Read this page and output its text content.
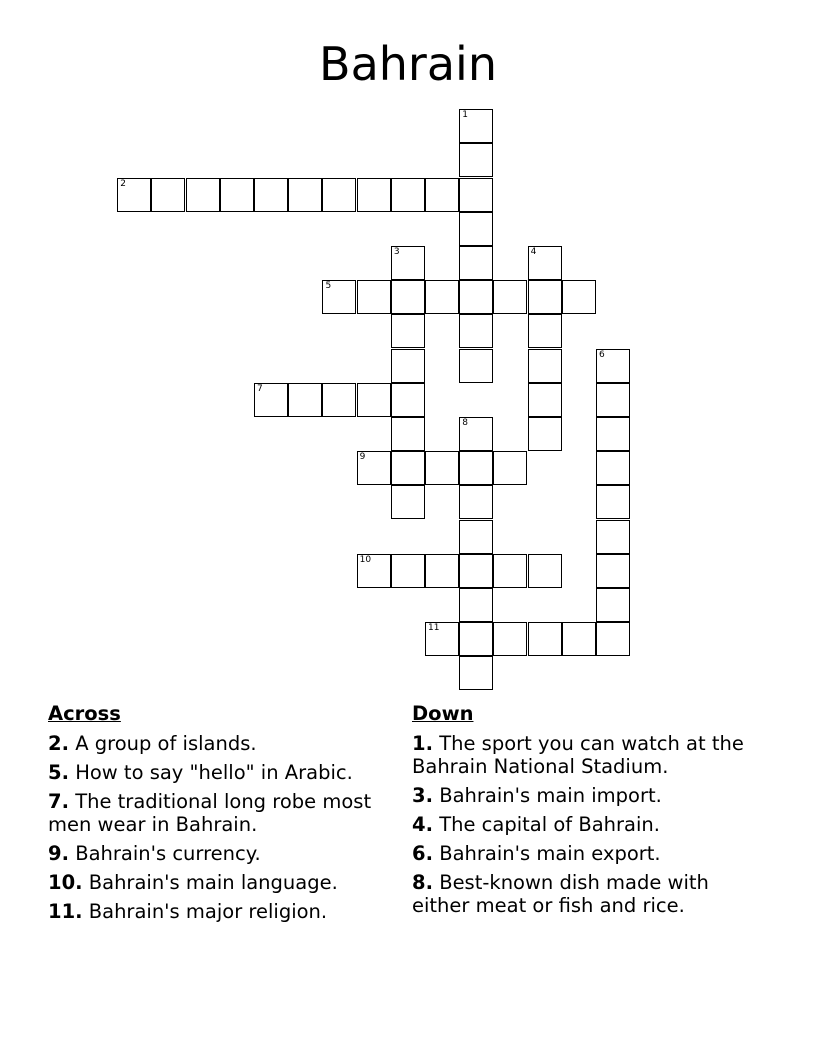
Bahrain
1
2
3	4
5
6
7
8
9
10
11
Across
2. A group of islands.
5. How to say "hello" in Arabic.
7. The traditional long robe most men wear in Bahrain.
9. Bahrain's currency.
10. Bahrain's main language.
11. Bahrain's major religion.
Down
1. The sport you can watch at the Bahrain National Stadium.
3. Bahrain's main import.
4. The capital of Bahrain.
6. Bahrain's main export.
8. Best-known dish made with either meat or fish and rice.
